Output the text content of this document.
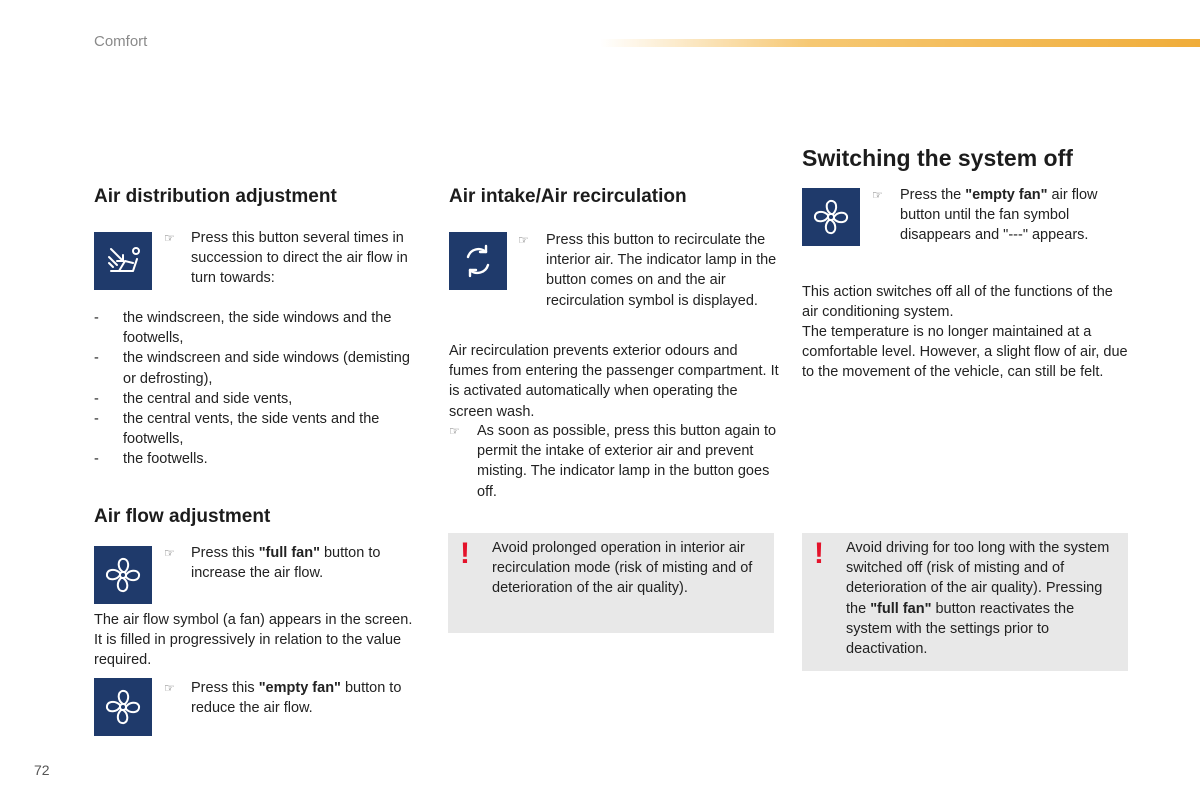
Comfort
Air distribution adjustment
☞ Press this button several times in succession to direct the air flow in turn towards:
- the windscreen, the side windows and the footwells,
- the windscreen and side windows (demisting or defrosting),
- the central and side vents,
- the central vents, the side vents and the footwells,
- the footwells.
Air flow adjustment
☞ Press this "full fan" button to increase the air flow.
The air flow symbol (a fan) appears in the screen. It is filled in progressively in relation to the value required.
☞ Press this "empty fan" button to reduce the air flow.
Air intake/Air recirculation
☞ Press this button to recirculate the interior air. The indicator lamp in the button comes on and the air recirculation symbol is displayed.
Air recirculation prevents exterior odours and fumes from entering the passenger compartment. It is activated automatically when operating the screen wash.
☞ As soon as possible, press this button again to permit the intake of exterior air and prevent misting. The indicator lamp in the button goes off.
! Avoid prolonged operation in interior air recirculation mode (risk of misting and of deterioration of the air quality).
Switching the system off
☞ Press the "empty fan" air flow button until the fan symbol disappears and "---" appears.
This action switches off all of the functions of the air conditioning system.
The temperature is no longer maintained at a comfortable level. However, a slight flow of air, due to the movement of the vehicle, can still be felt.
! Avoid driving for too long with the system switched off (risk of misting and of deterioration of the air quality). Pressing the "full fan" button reactivates the system with the settings prior to deactivation.
72
